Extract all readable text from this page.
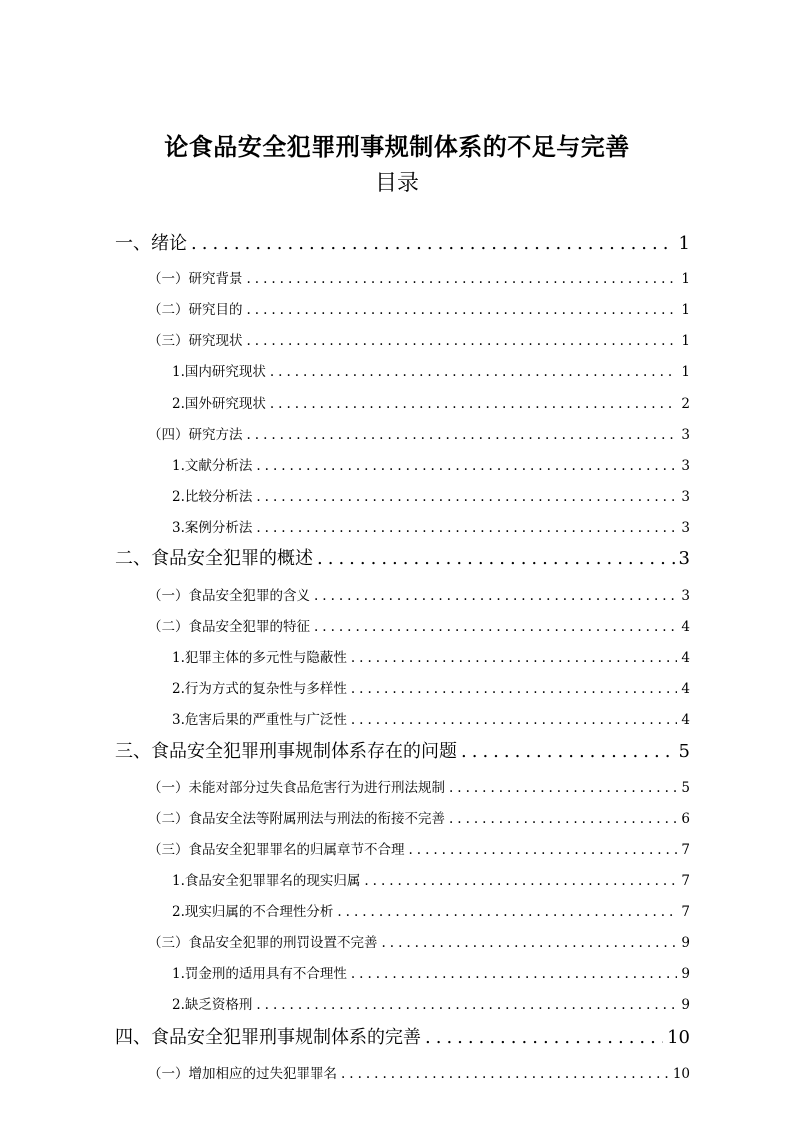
论食品安全犯罪刑事规制体系的不足与完善
目录
一、绪论 .....	1
（一）研究背景 .....	1
（二）研究目的 .....	1
（三）研究现状 .....	1
1.国内研究现状 .....	1
2.国外研究现状 .....	2
（四）研究方法 .....	3
1.文献分析法 .....	3
2.比较分析法 .....	3
3.案例分析法 .....	3
二、食品安全犯罪的概述 .....	3
（一）食品安全犯罪的含义 .....	3
（二）食品安全犯罪的特征 .....	4
1.犯罪主体的多元性与隐蔽性 .....	4
2.行为方式的复杂性与多样性 .....	4
3.危害后果的严重性与广泛性 .....	4
三、食品安全犯罪刑事规制体系存在的问题 .....	5
（一）未能对部分过失食品危害行为进行刑法规制 .....	5
（二）食品安全法等附属刑法与刑法的衔接不完善 .....	6
（三）食品安全犯罪罪名的归属章节不合理 .....	7
1.食品安全犯罪罪名的现实归属 .....	7
2.现实归属的不合理性分析 .....	7
（三）食品安全犯罪的刑罚设置不完善 .....	9
1.罚金刑的适用具有不合理性 .....	9
2.缺乏资格刑 .....	9
四、食品安全犯罪刑事规制体系的完善 .....	10
（一）增加相应的过失犯罪罪名 .....	10
